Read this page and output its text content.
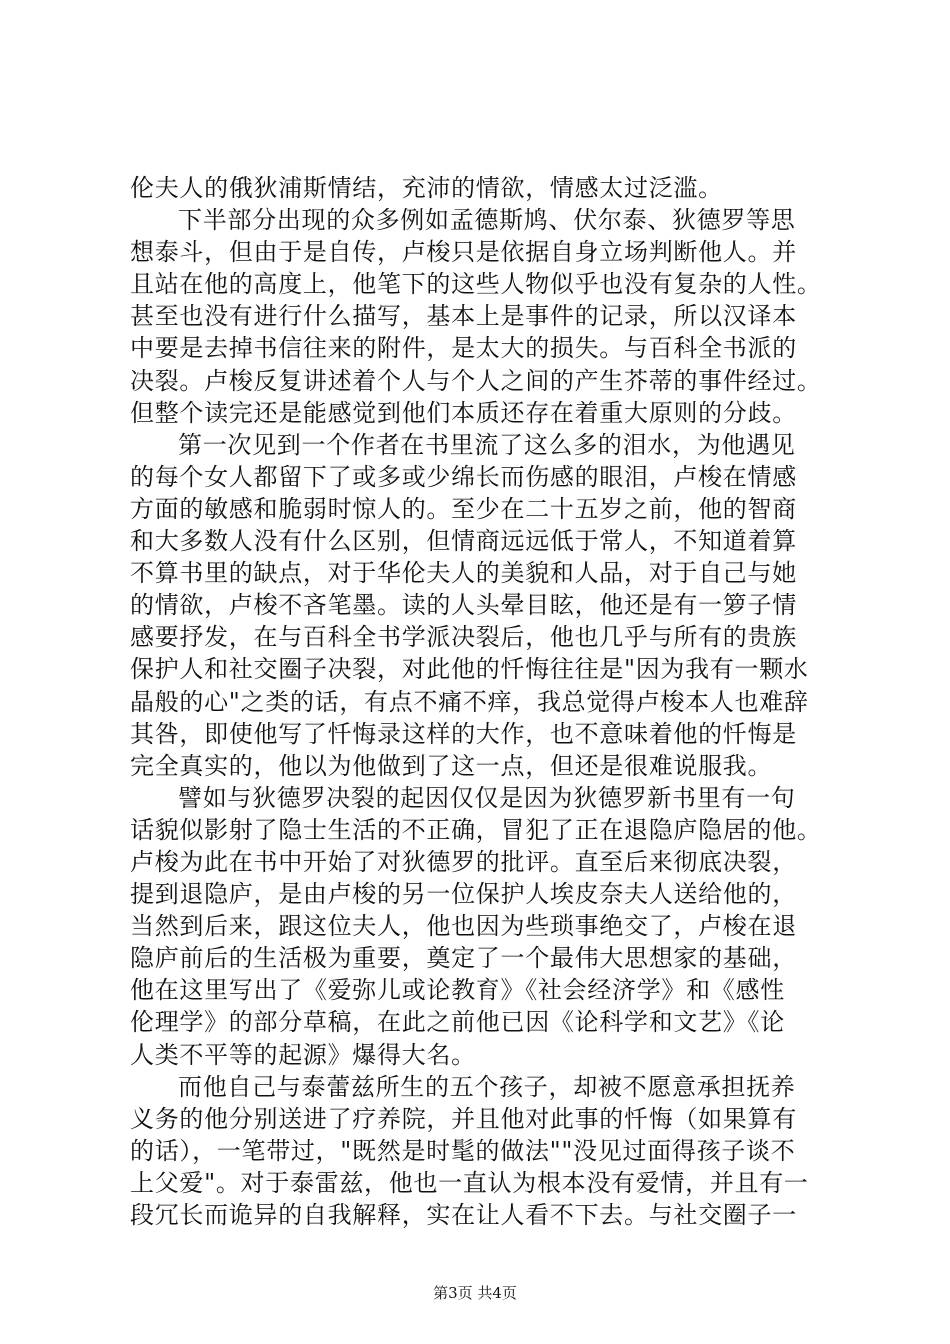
伦夫人的俄狄浦斯情结，充沛的情欲，情感太过泛滥。
下半部分出现的众多例如孟德斯鸠、伏尔泰、狄德罗等思
想泰斗，但由于是自传，卢梭只是依据自身立场判断他人。并
且站在他的高度上，他笔下的这些人物似乎也没有复杂的人性。
甚至也没有进行什么描写，基本上是事件的记录，所以汉译本
中要是去掉书信往来的附件，是太大的损失。与百科全书派的
决裂。卢梭反复讲述着个人与个人之间的产生芥蒂的事件经过。
但整个读完还是能感觉到他们本质还存在着重大原则的分歧。
第一次见到一个作者在书里流了这么多的泪水，为他遇见
的每个女人都留下了或多或少绵长而伤感的眼泪，卢梭在情感
方面的敏感和脆弱时惊人的。至少在二十五岁之前，他的智商
和大多数人没有什么区别，但情商远远低于常人，不知道着算
不算书里的缺点，对于华伦夫人的美貌和人品，对于自己与她
的情欲，卢梭不吝笔墨。读的人头晕目眩，他还是有一箩子情
感要抒发，在与百科全书学派决裂后，他也几乎与所有的贵族
保护人和社交圈子决裂，对此他的忏悔往往是"因为我有一颗水
晶般的心"之类的话，有点不痛不痒，我总觉得卢梭本人也难辞
其咎，即使他写了忏悔录这样的大作，也不意味着他的忏悔是
完全真实的，他以为他做到了这一点，但还是很难说服我。
譬如与狄德罗决裂的起因仅仅是因为狄德罗新书里有一句
话貌似影射了隐士生活的不正确，冒犯了正在退隐庐隐居的他。
卢梭为此在书中开始了对狄德罗的批评。直至后来彻底决裂，
提到退隐庐，是由卢梭的另一位保护人埃皮奈夫人送给他的，
当然到后来，跟这位夫人，他也因为些琐事绝交了，卢梭在退
隐庐前后的生活极为重要，奠定了一个最伟大思想家的基础，
他在这里写出了《爱弥儿或论教育》《社会经济学》和《感性
伦理学》的部分草稿，在此之前他已因《论科学和文艺》《论
人类不平等的起源》爆得大名。
而他自己与泰蕾兹所生的五个孩子，却被不愿意承担抚养
义务的他分别送进了疗养院，并且他对此事的忏悔（如果算有
的话），一笔带过，"既然是时髦的做法""没见过面得孩子谈不
上父爱"。对于泰雷兹，他也一直认为根本没有爱情，并且有一
段冗长而诡异的自我解释，实在让人看不下去。与社交圈子一
第3页 共4页
